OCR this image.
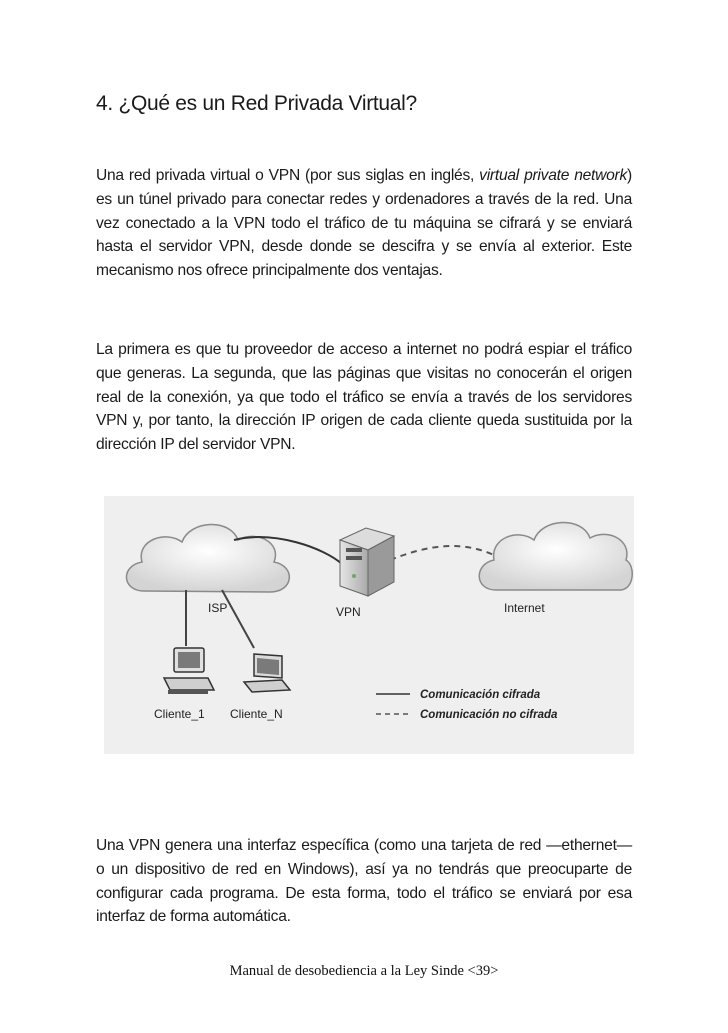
4. ¿Qué es un Red Privada Virtual?

Una red privada virtual o VPN (por sus siglas en inglés, virtual private network) es un túnel privado para conectar redes y ordenadores a través de la red. Una vez conectado a la VPN todo el tráfico de tu máquina se cifrará y se enviará hasta el servidor VPN, desde donde se descifra y se envía al exterior. Este mecanismo nos ofrece principalmente dos ventajas.

La primera es que tu proveedor de acceso a internet no podrá espiar el tráfico que generas. La segunda, que las páginas que visitas no conocerán el origen real de la conexión, ya que todo el tráfico se envía a través de los servidores VPN y, por tanto, la dirección IP origen de cada cliente queda sustituida por la dirección IP del servidor VPN.

VPN
ISP	Internet
Cliente_1 Cliente_N
Comunicación cifrada
Comunicación no cifrada

Una VPN genera una interfaz específica (como una tarjeta de red —ethernet— o un dispositivo de red en Windows), así ya no tendrás que preocuparte de configurar cada programa. De esta forma, todo el tráfico se enviará por esa interfaz de forma automática.

Manual de desobediencia a la Ley Sinde <39>
